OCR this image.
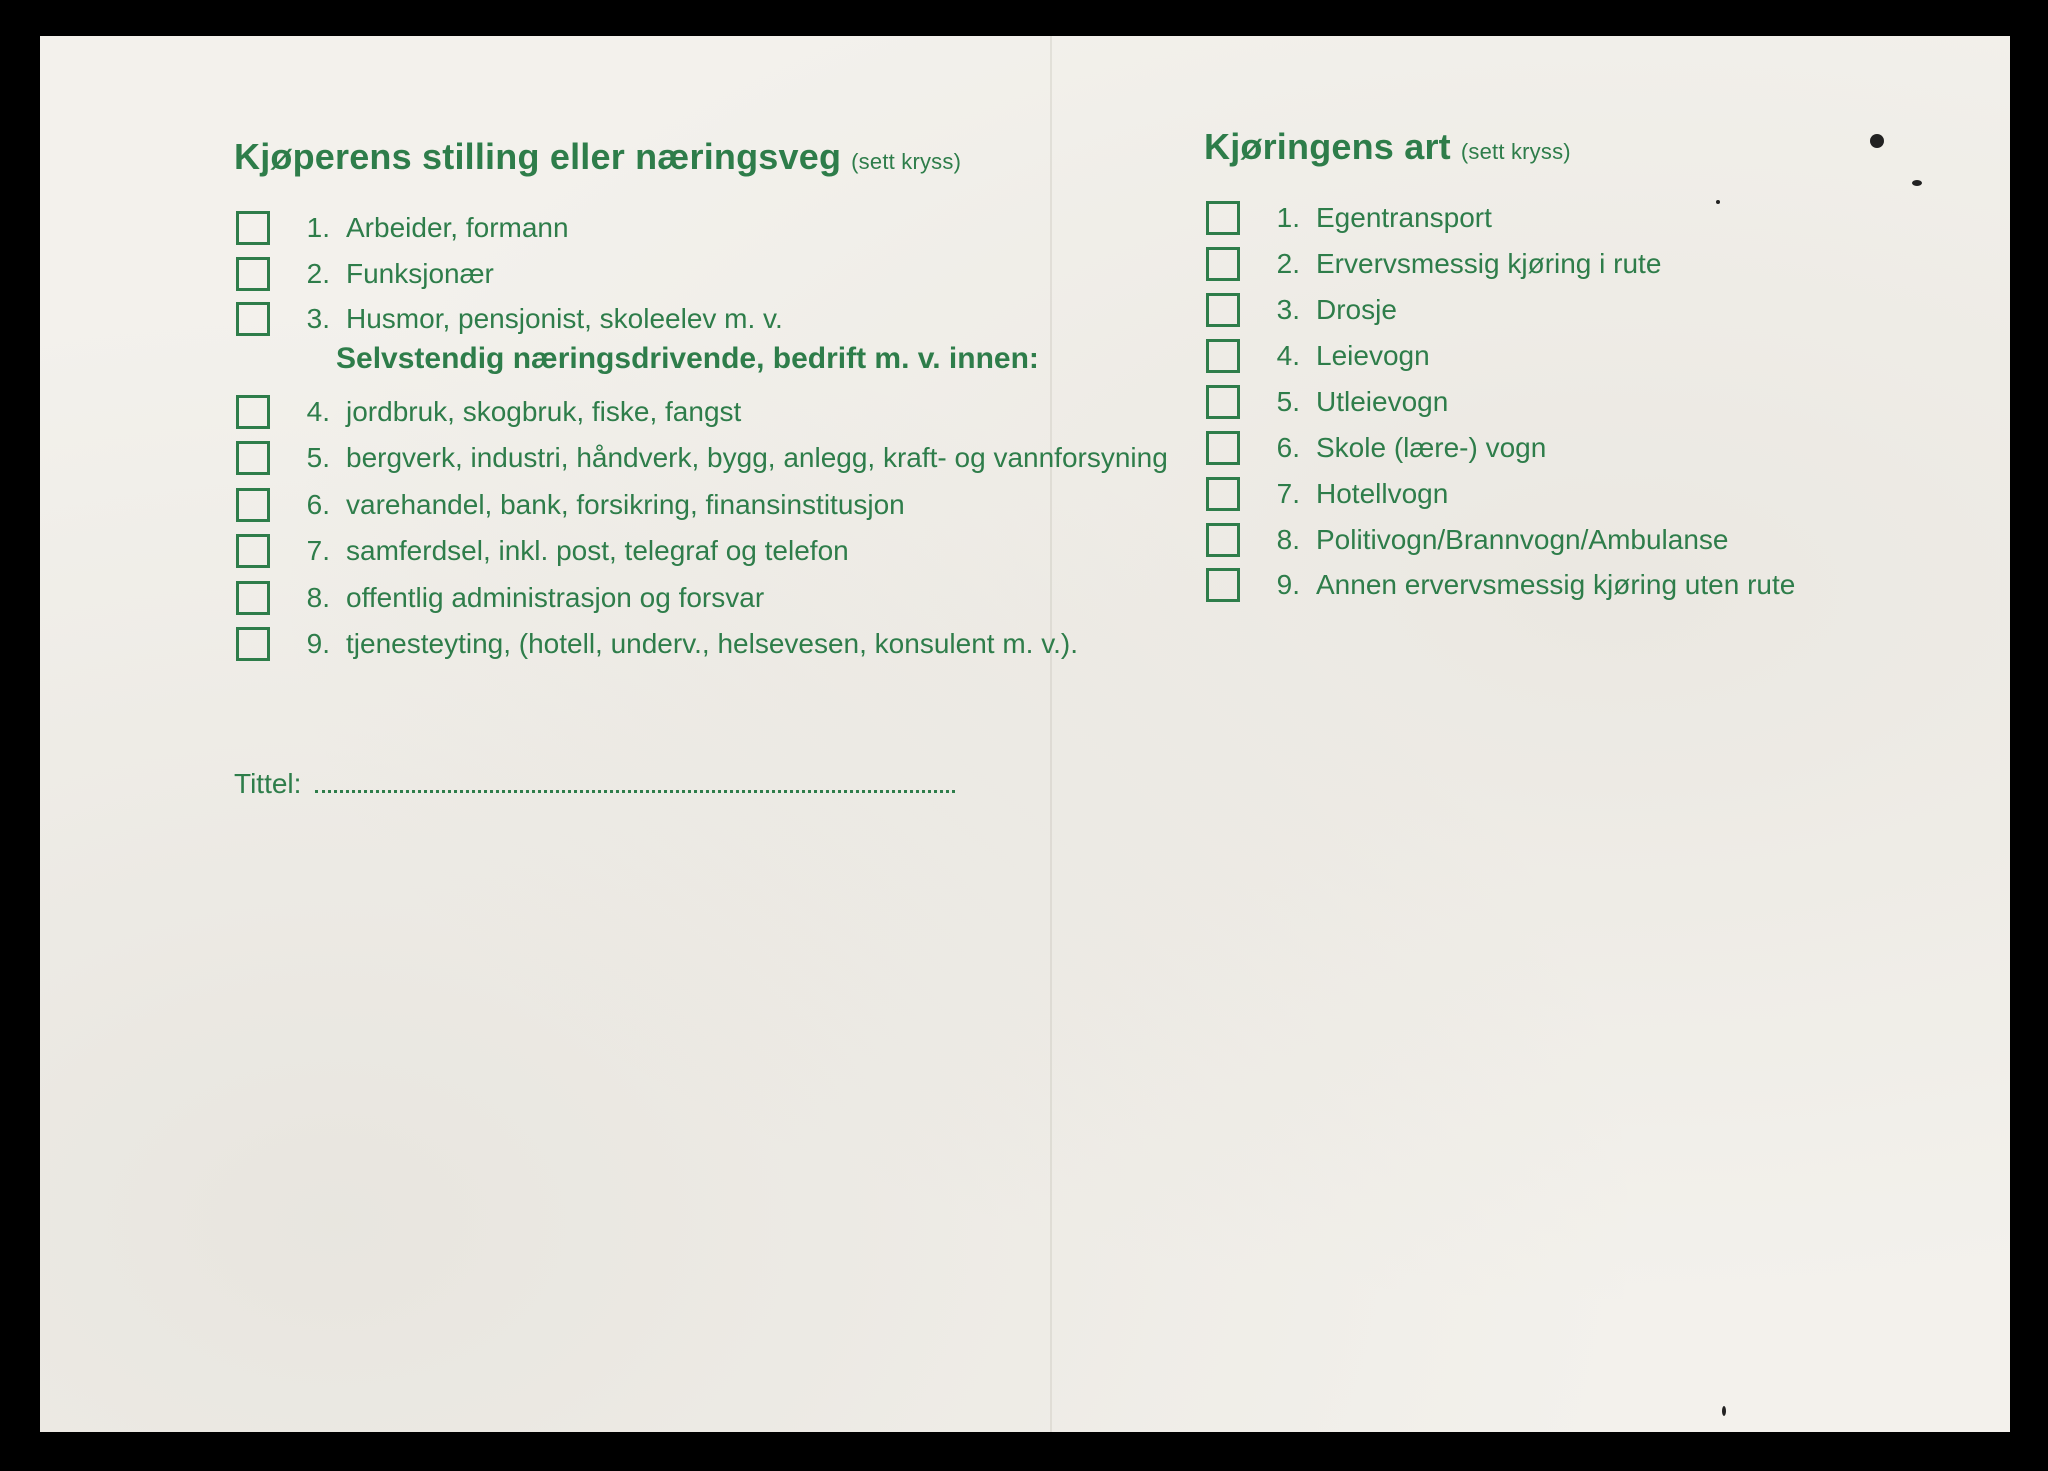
Kjøperens stilling eller næringsveg (sett kryss)
1. Arbeider, formann
2. Funksjonær
3. Husmor, pensjonist, skoleelev m. v.
Selvstendig næringsdrivende, bedrift m. v. innen:
4. jordbruk, skogbruk, fiske, fangst
5. bergverk, industri, håndverk, bygg, anlegg, kraft- og vannforsyning
6. varehandel, bank, forsikring, finansinstitusjon
7. samferdsel, inkl. post, telegraf og telefon
8. offentlig administrasjon og forsvar
9. tjenesteyting, (hotell, underv., helsevesen, konsulent m. v.).
Tittel:
Kjøringens art (sett kryss)
1. Egentransport
2. Ervervsmessig kjøring i rute
3. Drosje
4. Leievogn
5. Utleievogn
6. Skole (lære-) vogn
7. Hotellvogn
8. Politivogn/Brannvogn/Ambulanse
9. Annen ervervsmessig kjøring uten rute
